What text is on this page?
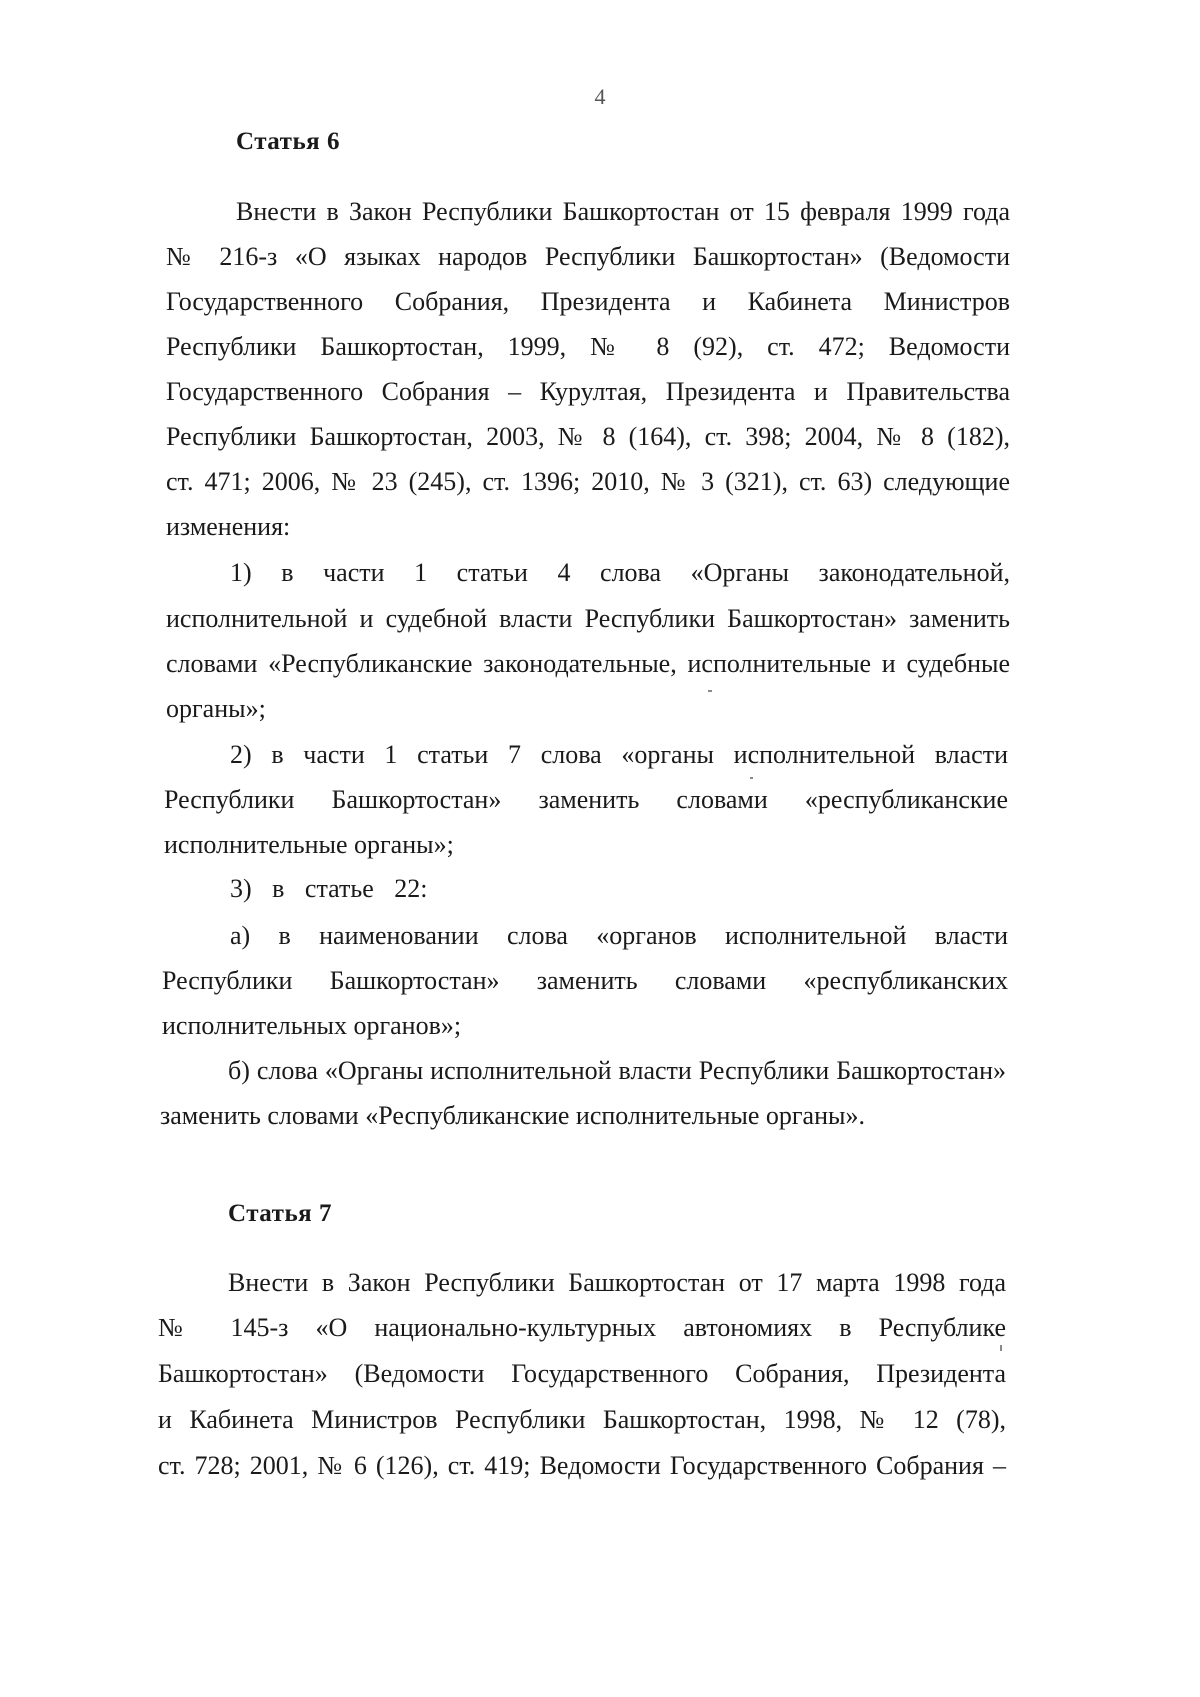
4
Статья 6
Внести в Закон Республики Башкортостан от 15 февраля 1999 года
№ 216-з «О языках народов Республики Башкортостан» (Ведомости
Государственного Собрания, Президента и Кабинета Министров
Республики Башкортостан, 1999, № 8 (92), ст. 472; Ведомости
Государственного Собрания – Курултая, Президента и Правительства
Республики Башкортостан, 2003, № 8 (164), ст. 398; 2004, № 8 (182),
ст. 471; 2006, № 23 (245), ст. 1396; 2010, № 3 (321), ст. 63) следующие
изменения:
1) в части 1 статьи 4 слова «Органы законодательной,
исполнительной и судебной власти Республики Башкортостан» заменить
словами «Республиканские законодательные, исполнительные и судебные
органы»;
2) в части 1 статьи 7 слова «органы исполнительной власти
Республики Башкортостан» заменить словами «республиканские
исполнительные органы»;
3) в статье 22:
а) в наименовании слова «органов исполнительной власти
Республики Башкортостан» заменить словами «республиканских
исполнительных органов»;
б) слова «Органы исполнительной власти Республики Башкортостан»
заменить словами «Республиканские исполнительные органы».
Статья 7
Внести в Закон Республики Башкортостан от 17 марта 1998 года
№ 145-з «О национально-культурных автономиях в Республике
Башкортостан» (Ведомости Государственного Собрания, Президента
и Кабинета Министров Республики Башкортостан, 1998, № 12 (78),
ст. 728; 2001, № 6 (126), ст. 419; Ведомости Государственного Собрания –
